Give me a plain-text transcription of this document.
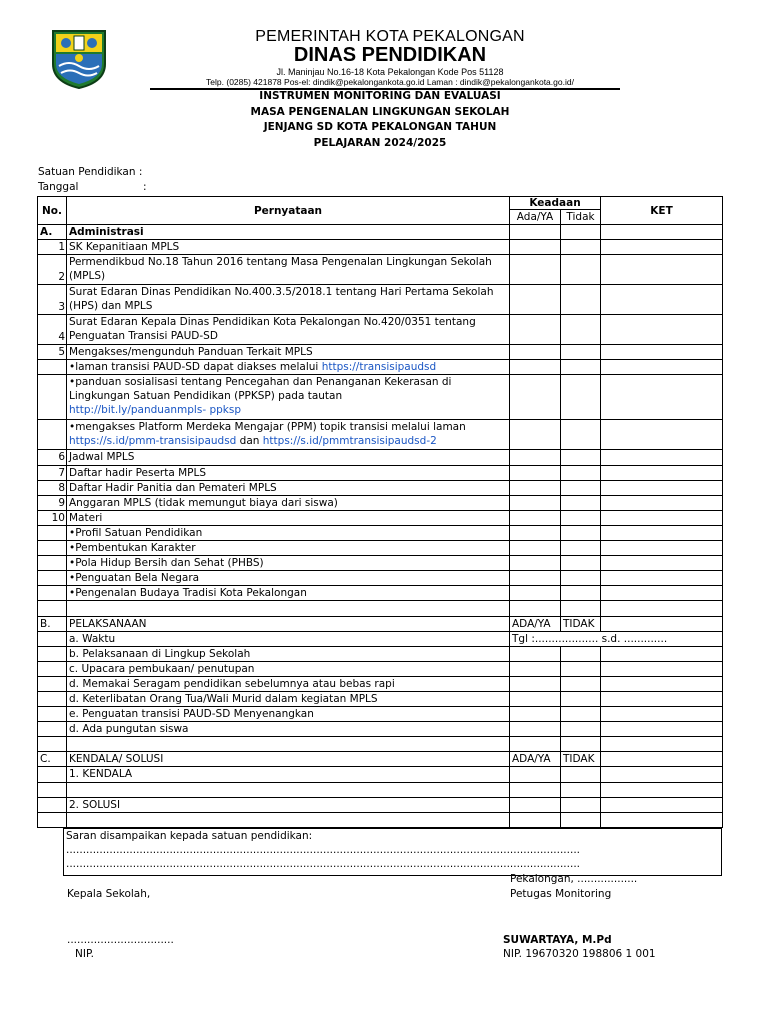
PEMERINTAH KOTA PEKALONGAN
DINAS PENDIDIKAN
Jl. Maninjau No.16-18 Kota Pekalongan Kode Pos 51128
Telp. (0285) 421878 Pos-el: dindik@pekalongankota.go.id Laman : dindik@pekalongankota.go.id/
INSTRUMEN MONITORING DAN EVALUASI
MASA PENGENALAN LINGKUNGAN SEKOLAH
JENJANG SD KOTA PEKALONGAN TAHUN
PELAJARAN 2024/2025
Satuan Pendidikan :
Tanggal	:
No.	Pernyataan	Keadaan		KET
		Ada/YA	Tidak	
A.	Administrasi			
1	SK Kepanitiaan MPLS			
2	Permendikbud No.18 Tahun 2016 tentang Masa Pengenalan Lingkungan Sekolah (MPLS)			
3	Surat Edaran Dinas Pendidikan No.400.3.5/2018.1 tentang Hari Pertama Sekolah (HPS) dan MPLS			
4	Surat Edaran Kepala Dinas Pendidikan Kota Pekalongan No.420/0351 tentang Penguatan Transisi PAUD-SD			
5	Mengakses/mengunduh Panduan Terkait MPLS			
	•laman transisi PAUD-SD dapat diakses melalui https://transisipaudsd			
	•panduan sosialisasi tentang Pencegahan dan Penanganan Kekerasan di Lingkungan Satuan Pendidikan (PPKSP) pada tautan
http://bit.ly/panduanmpls- ppksp			
	•mengakses Platform Merdeka Mengajar (PPM) topik transisi melalui laman
https://s.id/pmm-transisipaudsd dan https://s.id/pmmtransisipaudsd-2			
6	Jadwal MPLS			
7	Daftar hadir Peserta MPLS			
8	Daftar Hadir Panitia dan Pemateri MPLS			
9	Anggaran MPLS (tidak memungut biaya dari siswa)			
10	Materi			
	•Profil Satuan Pendidikan			
	•Pembentukan Karakter			
	•Pola Hidup Bersih dan Sehat (PHBS)			
	•Penguatan Bela Negara			
	•Pengenalan Budaya Tradisi Kota Pekalongan			

B.	PELAKSANAAN	ADA/YA	TIDAK	
	a. Waktu	Tgl :................... s.d. .............		
	b. Pelaksanaan di Lingkup Sekolah			
	c. Upacara pembukaan/ penutupan			
	d. Memakai Seragam pendidikan sebelumnya atau bebas rapi			
	d. Keterlibatan Orang Tua/Wali Murid dalam kegiatan MPLS			
	e. Penguatan transisi PAUD-SD Menyenangkan			
	d. Ada pungutan siswa			

C.	KENDALA/ SOLUSI	ADA/YA	TIDAK	
	1. KENDALA			

	2. SOLUSI			

Saran disampaikan kepada satuan pendidikan:
..........................................................................................................................................................
..........................................................................................................................................................
Pekalongan, ..................
Kepala Sekolah,	Petugas Monitoring
................................	SUWARTAYA, M.Pd
NIP.	NIP. 19670320 198806 1 001
